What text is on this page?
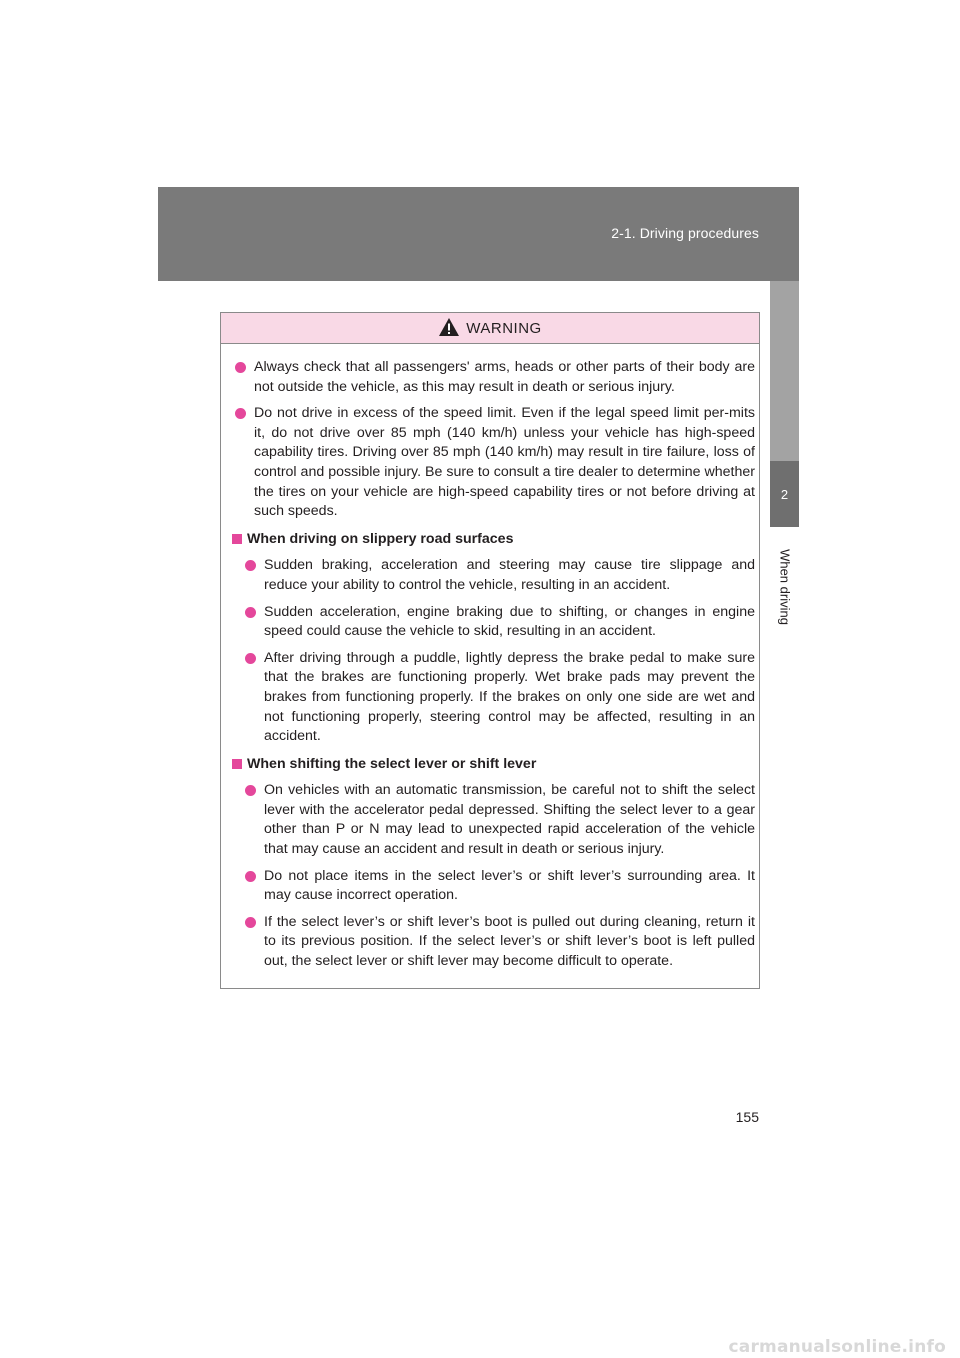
2-1. Driving procedures
2
When driving
WARNING
Always check that all passengers' arms, heads or other parts of their body are not outside the vehicle, as this may result in death or serious injury.
Do not drive in excess of the speed limit. Even if the legal speed limit per-mits it, do not drive over 85 mph (140 km/h) unless your vehicle has high-speed capability tires. Driving over 85 mph (140 km/h) may result in tire failure, loss of control and possible injury. Be sure to consult a tire dealer to determine whether the tires on your vehicle are high-speed capability tires or not before driving at such speeds.
When driving on slippery road surfaces
Sudden braking, acceleration and steering may cause tire slippage and reduce your ability to control the vehicle, resulting in an accident.
Sudden acceleration, engine braking due to shifting, or changes in engine speed could cause the vehicle to skid, resulting in an accident.
After driving through a puddle, lightly depress the brake pedal to make sure that the brakes are functioning properly. Wet brake pads may prevent the brakes from functioning properly. If the brakes on only one side are wet and not functioning properly, steering control may be affected, resulting in an accident.
When shifting the select lever or shift lever
On vehicles with an automatic transmission, be careful not to shift the select lever with the accelerator pedal depressed. Shifting the select lever to a gear other than P or N may lead to unexpected rapid acceleration of the vehicle that may cause an accident and result in death or serious injury.
Do not place items in the select lever’s or shift lever’s surrounding area. It may cause incorrect operation.
If the select lever’s or shift lever’s boot is pulled out during cleaning, return it to its previous position. If the select lever’s or shift lever’s boot is left pulled out, the select lever or shift lever may become difficult to operate.
155
carmanualsonline.info
